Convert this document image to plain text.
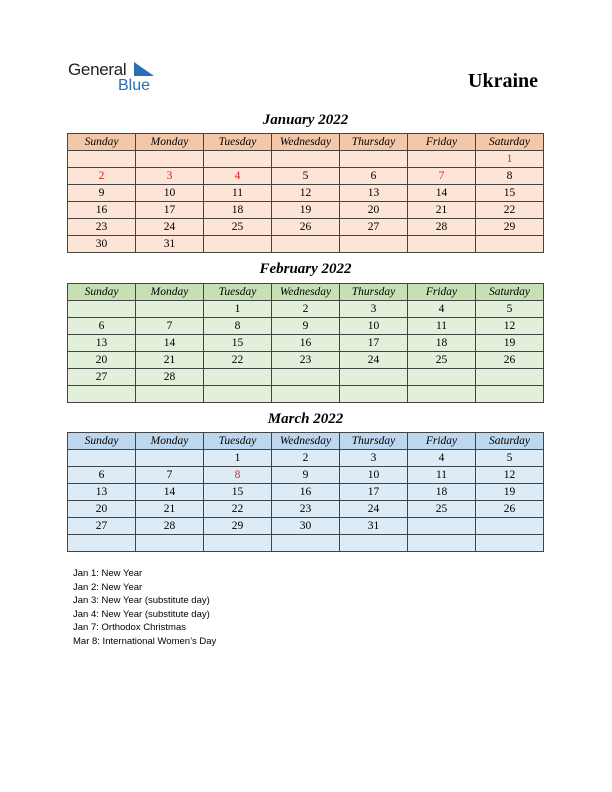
General
Blue	Ukraine
January 2022
Sunday	Monday	Tuesday	Wednesday	Thursday	Friday	Saturday
						1
2	3	4	5	6	7	8
9	10	11	12	13	14	15
16	17	18	19	20	21	22
23	24	25	26	27	28	29
30	31					
February 2022
Sunday	Monday	Tuesday	Wednesday	Thursday	Friday	Saturday
		1	2	3	4	5
6	7	8	9	10	11	12
13	14	15	16	17	18	19
20	21	22	23	24	25	26
27	28					

March 2022
Sunday	Monday	Tuesday	Wednesday	Thursday	Friday	Saturday
		1	2	3	4	5
6	7	8	9	10	11	12
13	14	15	16	17	18	19
20	21	22	23	24	25	26
27	28	29	30	31		

Jan 1: New Year
Jan 2: New Year
Jan 3: New Year (substitute day)
Jan 4: New Year (substitute day)
Jan 7: Orthodox Christmas
Mar 8: International Women’s Day
